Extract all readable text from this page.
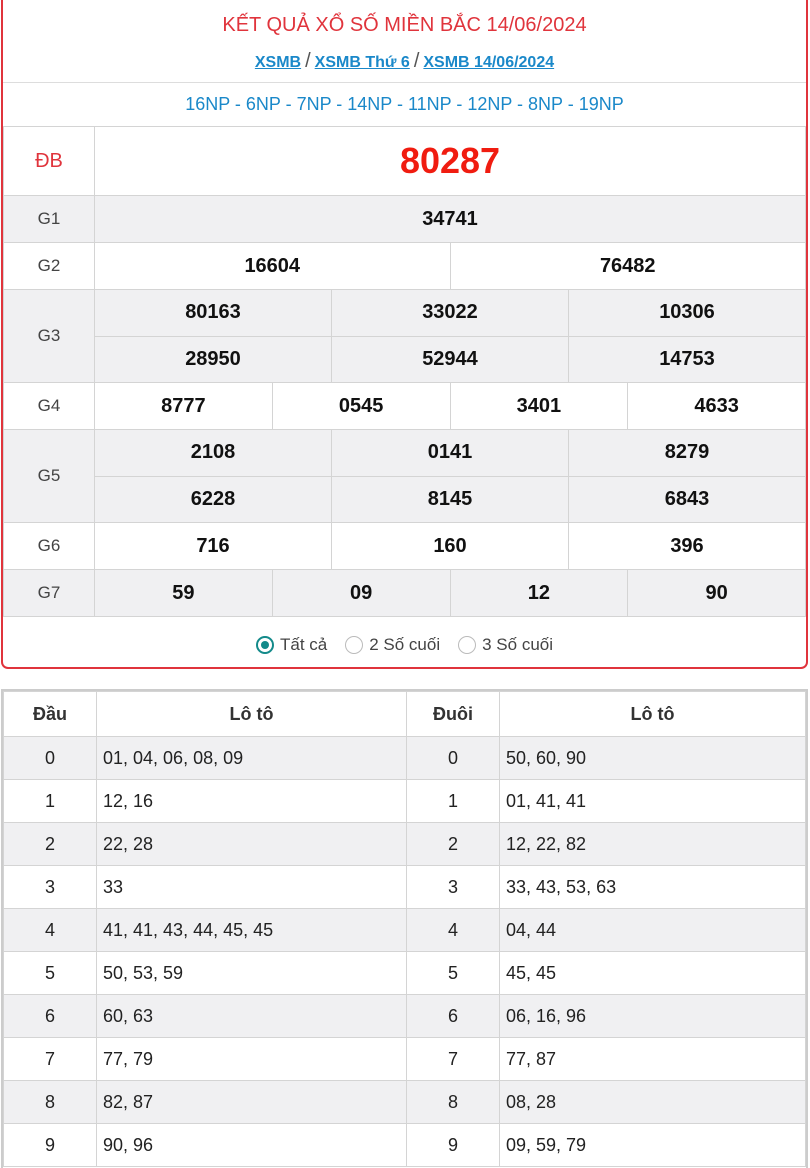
KẾT QUẢ XỔ SỐ MIỀN BẮC 14/06/2024
XSMB / XSMB Thứ 6 / XSMB 14/06/2024
16NP - 6NP - 7NP - 14NP - 11NP - 12NP - 8NP - 19NP
ĐB	80287					
G1	34741					
G2	16604			76482		
G3	80163		33022		10306	
	28950		52944		14753	
G4	8777	0545		3401		4633
G5	2108		0141		8279	
	6228		8145		6843	
G6	716		160		396	
G7	59	09		12		90
Tất cả 2 Số cuối 3 Số cuối
Đầu	Lô tô	Đuôi	Lô tô
0	01, 04, 06, 08, 09	0	50, 60, 90
1	12, 16	1	01, 41, 41
2	22, 28	2	12, 22, 82
3	33	3	33, 43, 53, 63
4	41, 41, 43, 44, 45, 45	4	04, 44
5	50, 53, 59	5	45, 45
6	60, 63	6	06, 16, 96
7	77, 79	7	77, 87
8	82, 87	8	08, 28
9	90, 96	9	09, 59, 79
